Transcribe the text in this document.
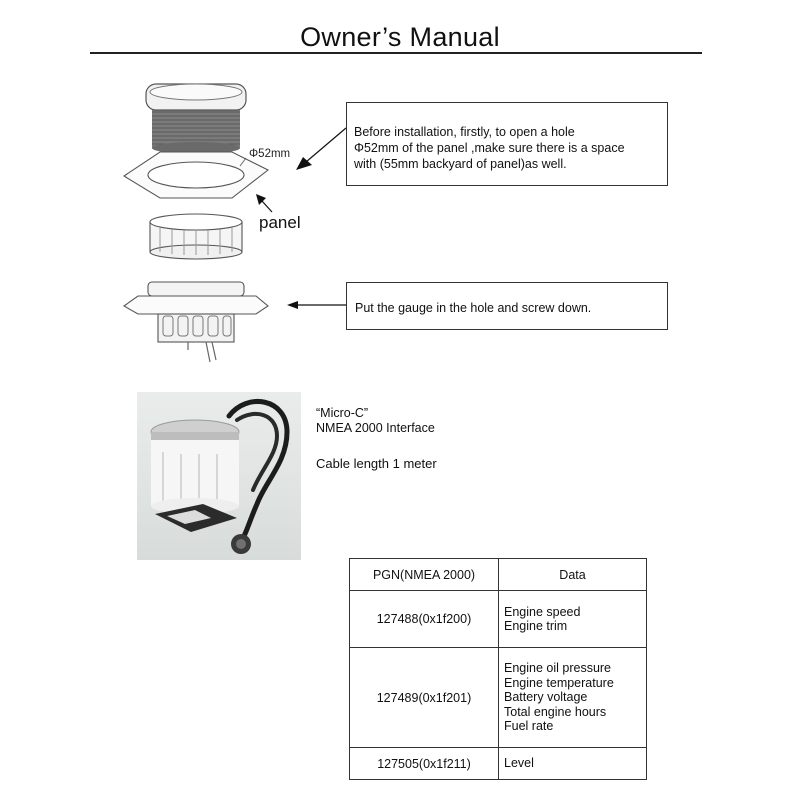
Owner’s Manual
Φ52mm
panel
Before installation, firstly, to open a hole
Φ52mm of the panel ,make sure there is a space
with (55mm backyard of panel)as well.
Put the gauge in the hole and screw down.
“Micro-C”
NMEA 2000 Interface
Cable length 1 meter
PGN(NMEA 2000)	Data
127488(0x1f200)	Engine speed
Engine trim

127489(0x1f201)	Engine oil pressure
Engine temperature
Battery voltage
Total engine hours
Fuel rate

127505(0x1f211)	Level
